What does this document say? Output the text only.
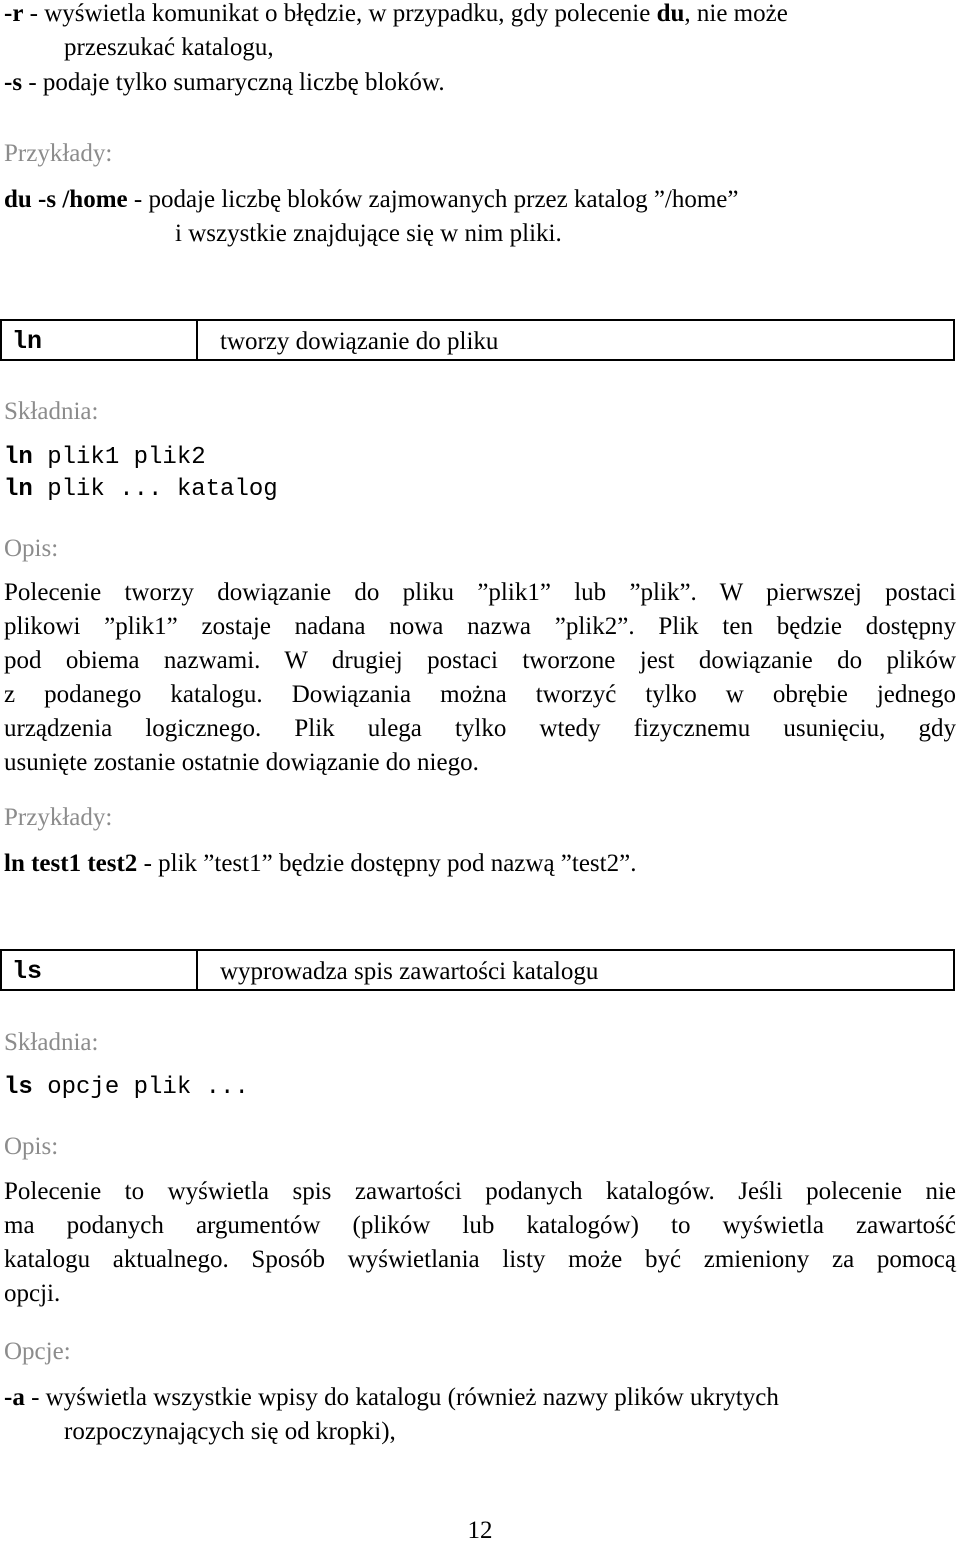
-r - wyświetla komunikat o błędzie, w przypadku, gdy polecenie du, nie może
przeszukać katalogu,
-s - podaje tylko sumaryczną liczbę bloków.
Przykłady:
du -s /home - podaje liczbę bloków zajmowanych przez katalog ”/home”
i wszystkie znajdujące się w nim pliki.
ln	tworzy dowiązanie do pliku
Składnia:
ln plik1 plik2
ln plik ... katalog
Opis:
Polecenie tworzy dowiązanie do pliku ”plik1” lub ”plik”. W pierwszej postaci
plikowi ”plik1” zostaje nadana nowa nazwa ”plik2”. Plik ten będzie dostępny
pod obiema nazwami. W drugiej postaci tworzone jest dowiązanie do plików
z podanego katalogu. Dowiązania można tworzyć tylko w obrębie jednego
urządzenia logicznego. Plik ulega tylko wtedy fizycznemu usunięciu, gdy
usunięte zostanie ostatnie dowiązanie do niego.
Przykłady:
ln test1 test2 - plik ”test1” będzie dostępny pod nazwą ”test2”.
ls	wyprowadza spis zawartości katalogu
Składnia:
ls opcje plik ...
Opis:
Polecenie to wyświetla spis zawartości podanych katalogów. Jeśli polecenie nie
ma podanych argumentów (plików lub katalogów) to wyświetla zawartość
katalogu aktualnego. Sposób wyświetlania listy może być zmieniony za pomocą
opcji.
Opcje:
-a - wyświetla wszystkie wpisy do katalogu (również nazwy plików ukrytych
rozpoczynających się od kropki),
12
